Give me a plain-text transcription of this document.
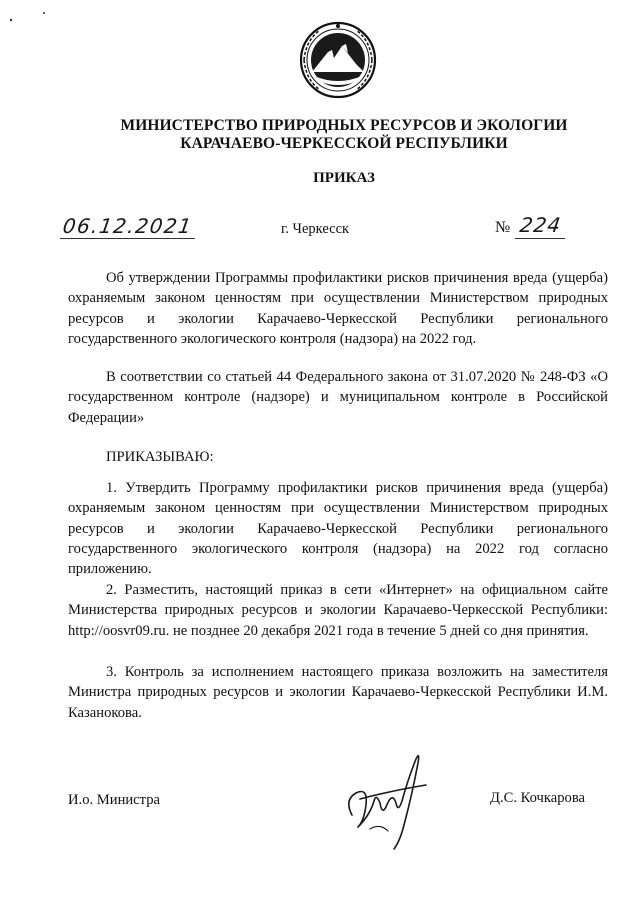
МИНИСТЕРСТВО ПРИРОДНЫХ РЕСУРСОВ И ЭКОЛОГИИ
КАРАЧАЕВО-ЧЕРКЕССКОЙ РЕСПУБЛИКИ
ПРИКАЗ
06.12.2021	г. Черкесск	№ 224
Об утверждении Программы профилактики рисков причинения вреда (ущерба) охраняемым законом ценностям при осуществлении Министерством природных ресурсов и экологии Карачаево-Черкесской Республики регионального государственного экологического контроля (надзора) на 2022 год.
В соответствии со статьей 44 Федерального закона от 31.07.2020 № 248-ФЗ «О государственном контроле (надзоре) и муниципальном контроле в Российской Федерации»
ПРИКАЗЫВАЮ:
1. Утвердить Программу профилактики рисков причинения вреда (ущерба) охраняемым законом ценностям при осуществлении Министерством природных ресурсов и экологии Карачаево-Черкесской Республики регионального государственного экологического контроля (надзора) на 2022 год согласно приложению.
2. Разместить, настоящий приказ в сети «Интернет» на официальном сайте Министерства природных ресурсов и экологии Карачаево-Черкесской Республики: http://oosvr09.ru. не позднее 20 декабря 2021 года в течение 5 дней со дня принятия.
3. Контроль за исполнением настоящего приказа возложить на заместителя Министра природных ресурсов и экологии Карачаево-Черкесской Республики И.М. Казанокова.
И.о. Министра	Д.С. Кочкарова
